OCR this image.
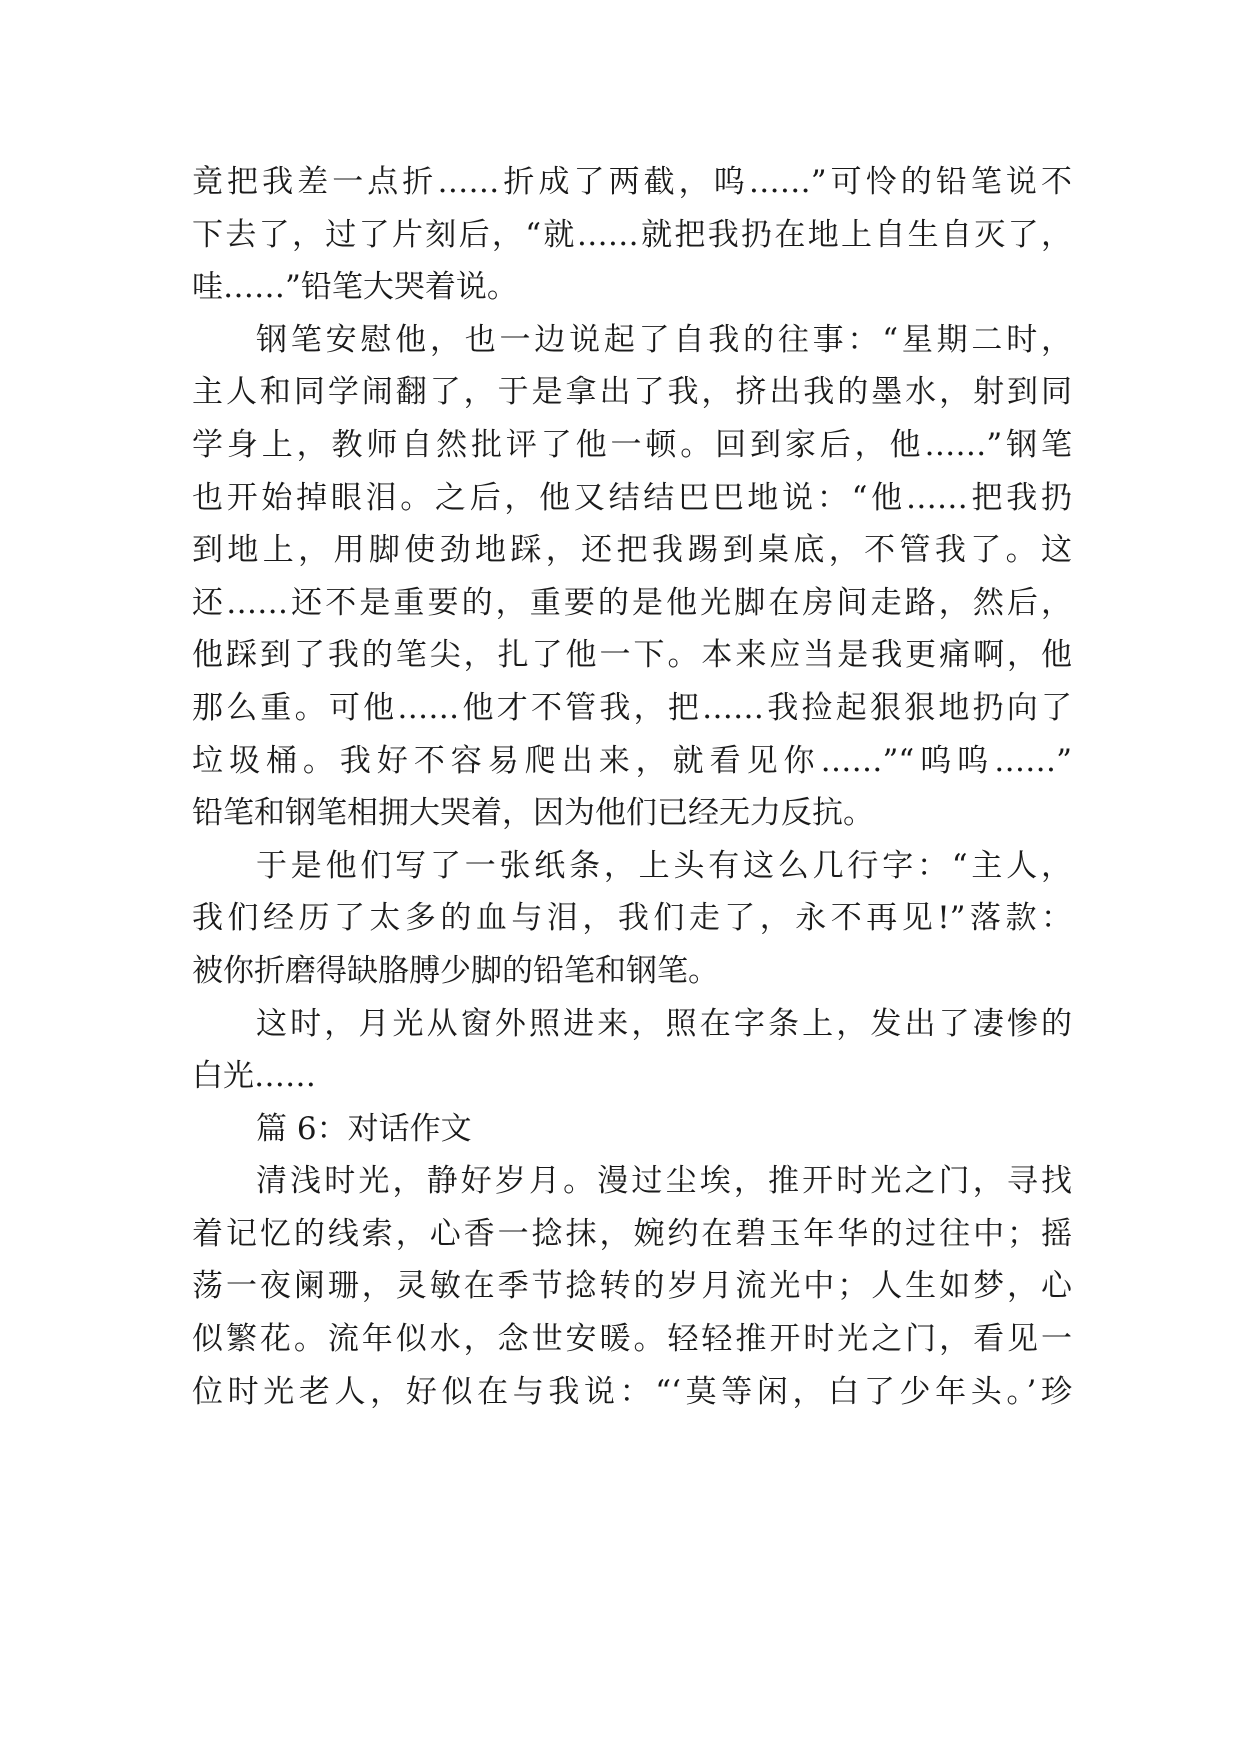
竟把我差一点折……折成了两截，呜……”可怜的铅笔说不
下去了，过了片刻后，“就……就把我扔在地上自生自灭了，
哇……”铅笔大哭着说。
钢笔安慰他，也一边说起了自我的往事：“星期二时，
主人和同学闹翻了，于是拿出了我，挤出我的墨水，射到同
学身上，教师自然批评了他一顿。回到家后，他……”钢笔
也开始掉眼泪。之后，他又结结巴巴地说：“他……把我扔
到地上，用脚使劲地踩，还把我踢到桌底，不管我了。这
还……还不是重要的，重要的是他光脚在房间走路，然后，
他踩到了我的笔尖，扎了他一下。本来应当是我更痛啊，他
那么重。可他……他才不管我，把……我捡起狠狠地扔向了
垃圾桶。我好不容易爬出来，就看见你……”“呜呜……”
铅笔和钢笔相拥大哭着，因为他们已经无力反抗。
于是他们写了一张纸条，上头有这么几行字：“主人，
我们经历了太多的血与泪，我们走了，永不再见!”落款：
被你折磨得缺胳膊少脚的铅笔和钢笔。
这时，月光从窗外照进来，照在字条上，发出了凄惨的
白光……
篇 6：对话作文
清浅时光，静好岁月。漫过尘埃，推开时光之门，寻找
着记忆的线索，心香一捻抹，婉约在碧玉年华的过往中；摇
荡一夜阑珊，灵敏在季节捻转的岁月流光中；人生如梦，心
似繁花。流年似水，念世安暖。轻轻推开时光之门，看见一
位时光老人，好似在与我说：“‘莫等闲，白了少年头。’珍
